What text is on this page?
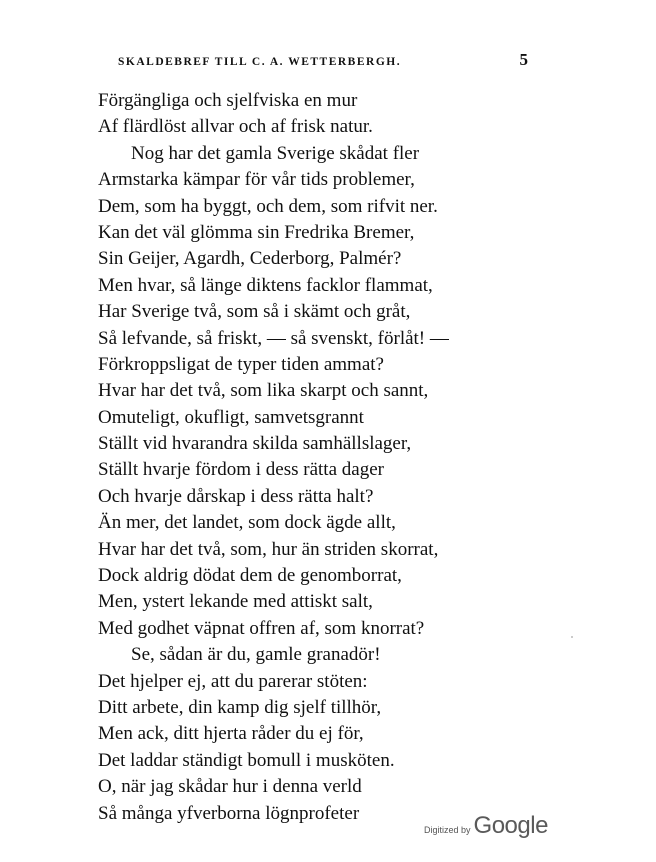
SKALDEBREF TILL C. A. WETTERBERGH.	5
Förgängliga och sjelfviska en mur
Af flärdlöst allvar och af frisk natur.
Nog har det gamla Sverige skådat fler
Armstarka kämpar för vår tids problemer,
Dem, som ha byggt, och dem, som rifvit ner.
Kan det väl glömma sin Fredrika Bremer,
Sin Geijer, Agardh, Cederborg, Palmér?
Men hvar, så länge diktens facklor flammat,
Har Sverige två, som så i skämt och gråt,
Så lefvande, så friskt, — så svenskt, förlåt! —
Förkroppsligat de typer tiden ammat?
Hvar har det två, som lika skarpt och sannt,
Omuteligt, okufligt, samvetsgrannt
Ställt vid hvarandra skilda samhällslager,
Ställt hvarje fördom i dess rätta dager
Och hvarje dårskap i dess rätta halt?
Än mer, det landet, som dock ägde allt,
Hvar har det två, som, hur än striden skorrat,
Dock aldrig dödat dem de genomborrat,
Men, ystert lekande med attiskt salt,
Med godhet väpnat offren af, som knorrat?
Se, sådan är du, gamle granadör!
Det hjelper ej, att du parerar stöten:
Ditt arbete, din kamp dig sjelf tillhör,
Men ack, ditt hjerta råder du ej för,
Det laddar ständigt bomull i musköten.
O, när jag skådar hur i denna verld
Så många yfverborna lögnprofeter
Digitized by Google
